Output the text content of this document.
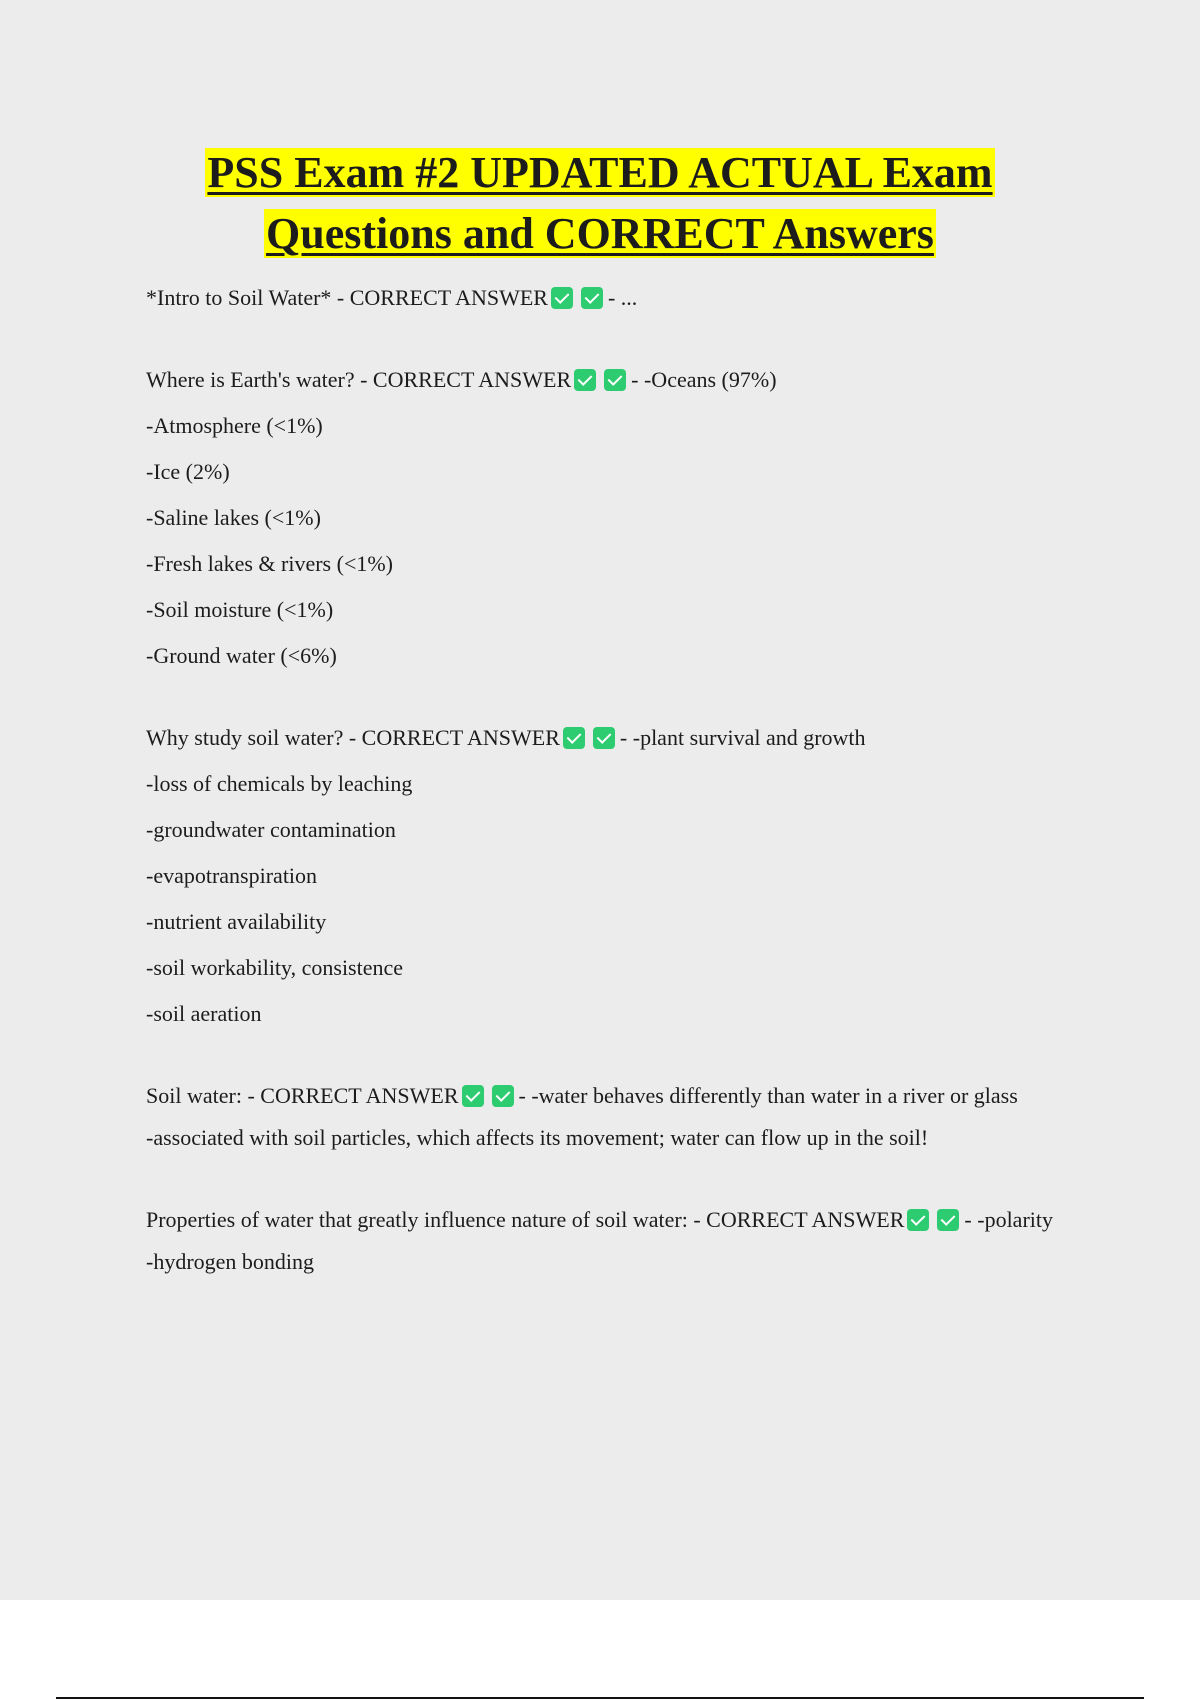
PSS Exam #2 UPDATED ACTUAL Exam
Questions and CORRECT Answers
*Intro to Soil Water* - CORRECT ANSWER	- ...
Where is Earth's water? - CORRECT ANSWER	- -Oceans (97%)
-Atmosphere (<1%)
-Ice (2%)
-Saline lakes (<1%)
-Fresh lakes & rivers (<1%)
-Soil moisture (<1%)
-Ground water (<6%)
Why study soil water? - CORRECT ANSWER	- -plant survival and growth
-loss of chemicals by leaching
-groundwater contamination
-evapotranspiration
-nutrient availability
-soil workability, consistence
-soil aeration
Soil water: - CORRECT ANSWER	- -water behaves differently than water in a river or glass
-associated with soil particles, which affects its movement; water can flow up in the soil!
Properties of water that greatly influence nature of soil water: - CORRECT ANSWER	- -polarity
-hydrogen bonding
